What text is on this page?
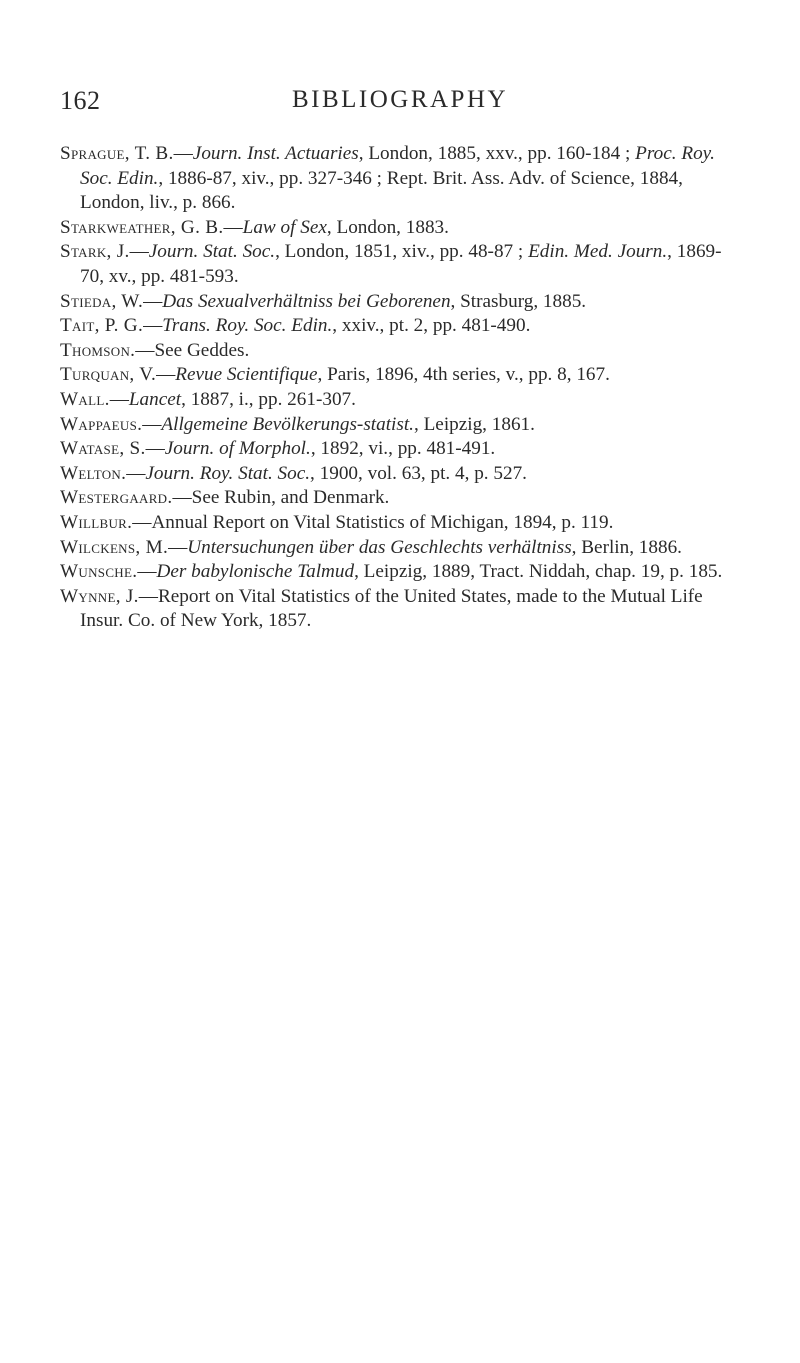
162	BIBLIOGRAPHY

Sprague, T. B. — Journ. Inst. Actuaries, London, 1885, xxv., pp. 160-184 ; Proc. Roy. Soc. Edin., 1886-87, xiv., pp. 327-346 ; Rept. Brit. Ass. Adv. of Science, 1884, London, liv., p. 866.

Starkweather, G. B. — Law of Sex, London, 1883.

Stark, J. — Journ. Stat. Soc., London, 1851, xiv., pp. 48-87 ; Edin. Med. Journ., 1869-70, xv., pp. 481-593.

Stieda, W. — Das Sexualverhältniss bei Geborenen, Strasburg, 1885.

Tait, P. G. — Trans. Roy. Soc. Edin., xxiv., pt. 2, pp. 481-490.

Thomson. — See Geddes.

Turquan, V. — Revue Scientifique, Paris, 1896, 4th series, v., pp. 8, 167.

Wall. — Lancet, 1887, i., pp. 261-307.

Wappaeus. — Allgemeine Bevölkerungs-statist., Leipzig, 1861.

Watase, S. — Journ. of Morphol., 1892, vi., pp. 481-491.

Welton. — Journ. Roy. Stat. Soc., 1900, vol. 63, pt. 4, p. 527.

Westergaard. — See Rubin, and Denmark.

Willbur. — Annual Report on Vital Statistics of Michigan, 1894, p. 119.

Wilckens, M. — Untersuchungen über das Geschlechts verhältniss, Berlin, 1886.

Wunsche. — Der babylonische Talmud, Leipzig, 1889, Tract. Niddah, chap. 19, p. 185.

Wynne, J. — Report on Vital Statistics of the United States, made to the Mutual Life Insur. Co. of New York, 1857.
